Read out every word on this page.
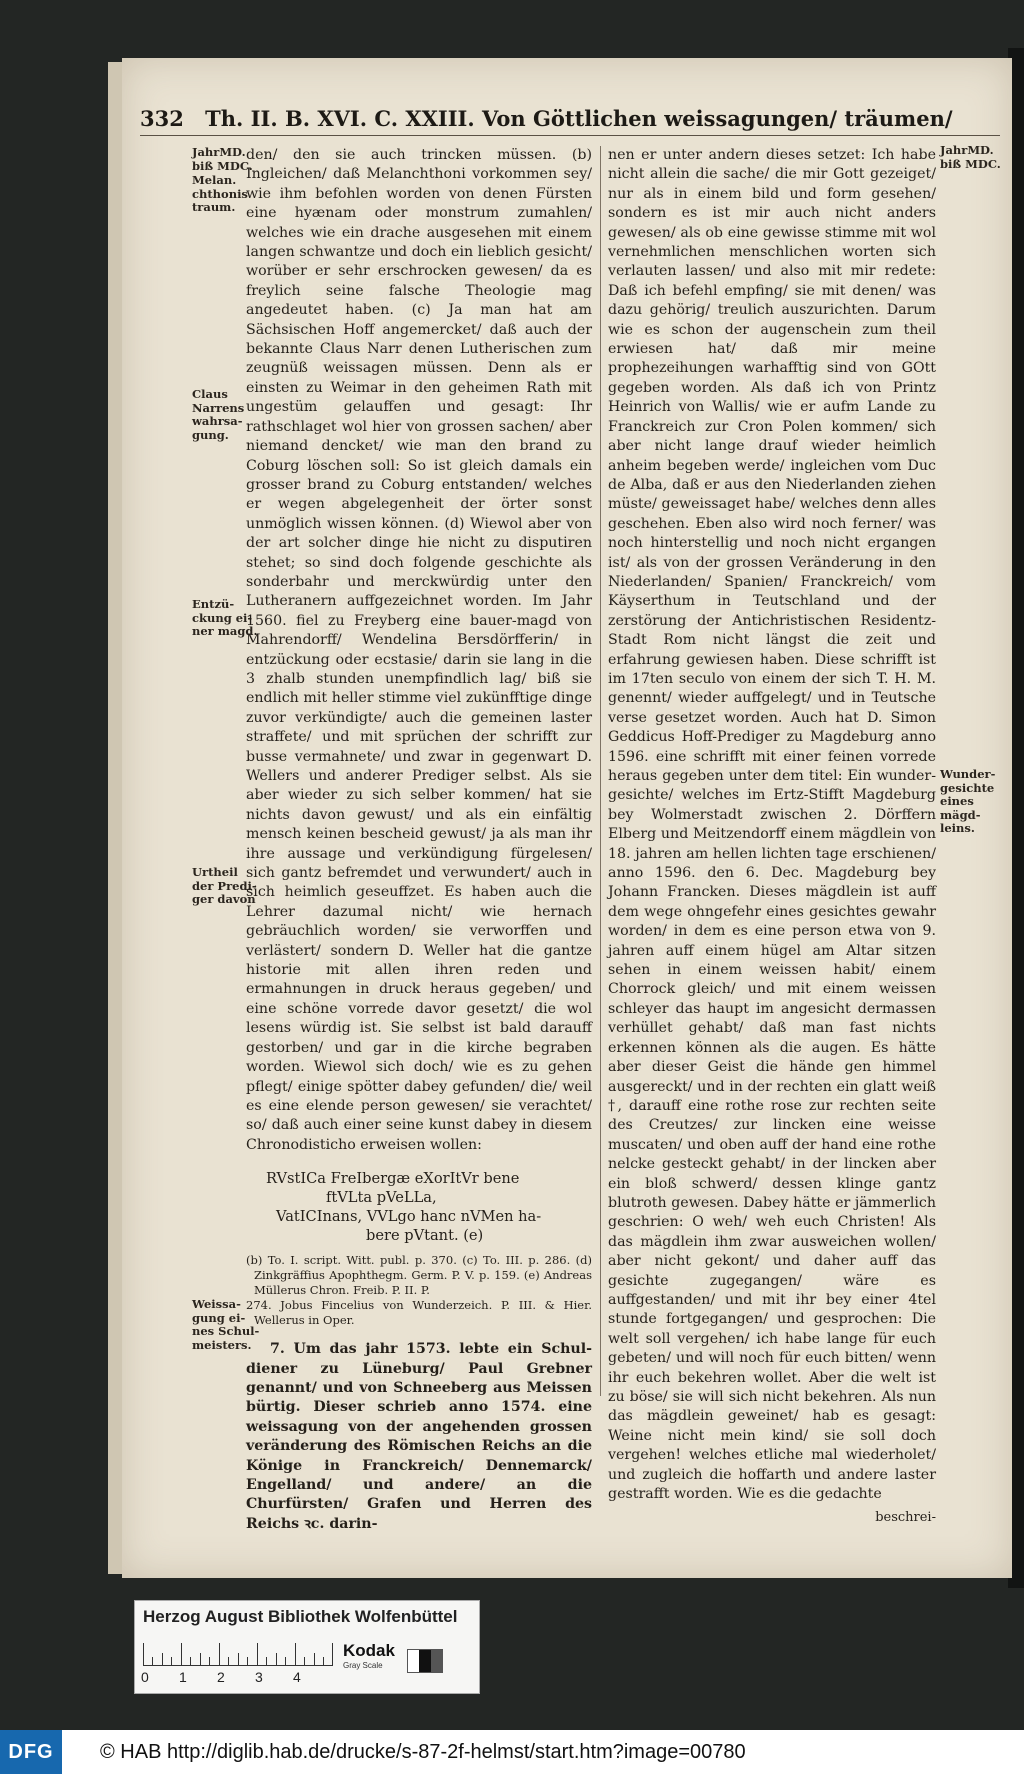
332 Th. II. B. XVI. C. XXIII. Von Göttlichen weissagungen/ träumen/
JahrMD. biß MDC.
Melan. chthonis traum.
Claus Narrens wahrsa-gung.
Entzü-ckung ei-ner magd.
Urtheil der Predi-ger davon
Weissa-gung ei-nes Schul-meisters.
JahrMD. biß MDC.
Wunder-gesichte eines mägd-leins.

den/ den sie auch trincken müssen. (b) Ingleichen/ daß Melanchthoni vorkommen sey/ wie ihm befohlen worden von denen Fürsten eine hyænam oder monstrum zumahlen/ welches wie ein drache ausgesehen mit einem langen schwantze und doch ein lieblich gesicht/ worüber er sehr erschrocken gewesen/ da es freylich seine falsche Theologie mag angedeutet haben. (c) Ja man hat am Sächsischen Hoff angemercket/ daß auch der bekannte Claus Narr denen Lutherischen zum zeugnüß weissagen müssen. Denn als er einsten zu Weimar in den geheimen Rath mit ungestüm gelauffen und gesagt: Ihr rathschlaget wol hier von grossen sachen/ aber niemand dencket/ wie man den brand zu Coburg löschen soll: So ist gleich damals ein grosser brand zu Coburg entstanden/ welches er wegen abgelegenheit der örter sonst unmöglich wissen können. (d) Wiewol aber von der art solcher dinge hie nicht zu disputiren stehet; so sind doch folgende geschichte als sonderbahr und merckwürdig unter den Lutheranern auffgezeichnet worden. Im Jahr 1560. fiel zu Freyberg eine bauer-magd von Mahrendorff/ Wendelina Bersdörfferin/ in entzückung oder ecstasie/ darin sie lang in die 3 zhalb stunden unempfindlich lag/ biß sie endlich mit heller stimme viel zukünfftige dinge zuvor verkündigte/ auch die gemeinen laster straffete/ und mit sprüchen der schrifft zur busse vermahnete/ und zwar in gegenwart D. Wellers und anderer Prediger selbst. Als sie aber wieder zu sich selber kommen/ hat sie nichts davon gewust/ und als ein einfältig mensch keinen bescheid gewust/ ja als man ihr ihre aussage und verkündigung fürgelesen/ sich gantz befremdet und verwundert/ auch in sich heimlich geseuffzet. Es haben auch die Lehrer dazumal nicht/ wie hernach gebräuchlich worden/ sie verworffen und verlästert/ sondern D. Weller hat die gantze historie mit allen ihren reden und ermahnungen in druck heraus gegeben/ und eine schöne vorrede davor gesetzt/ die wol lesens würdig ist. Sie selbst ist bald darauff gestorben/ und gar in die kirche begraben worden. Wiewol sich doch/ wie es zu gehen pflegt/ einige spötter dabey gefunden/ die/ weil es eine elende person gewesen/ sie verachtet/ so/ daß auch einer seine kunst dabey in diesem Chronodisticho erweisen wollen:

RVstICa FreIbergæ eXorItVr bene
ftVLta pVeLLa,
VatICInans, VVLgo hanc nVMen ha-
bere pVtant. (e)
(b) To. I. script. Witt. publ. p. 370. (c) To. III. p. 286. (d) Zinkgräffius Apophthegm. Germ. P. V. p. 159. (e) Andreas Müllerus Chron. Freib. P. II. P.
274. Jobus Fincelius von Wunderzeich. P. III. & Hier. Wellerus in Oper.

7. Um das jahr 1573. lebte ein Schul-diener zu Lüneburg/ Paul Grebner genannt/ und von Schneeberg aus Meissen bürtig. Dieser schrieb anno 1574. eine weissagung von der angehenden grossen veränderung des Römischen Reichs an die Könige in Franckreich/ Dennemarck/ Engelland/ und andere/ an die Churfürsten/ Grafen und Herren des Reichs ꝛc. darin-

nen er unter andern dieses setzet: Ich habe nicht allein die sache/ die mir Gott gezeiget/ nur als in einem bild und form gesehen/ sondern es ist mir auch nicht anders gewesen/ als ob eine gewisse stimme mit wol vernehmlichen menschlichen worten sich verlauten lassen/ und also mit mir redete: Daß ich befehl empfing/ sie mit denen/ was dazu gehörig/ treulich auszurichten. Darum wie es schon der augenschein zum theil erwiesen hat/ daß mir meine prophezeihungen warhafftig sind von GOtt gegeben worden. Als daß ich von Printz Heinrich von Wallis/ wie er aufm Lande zu Franckreich zur Cron Polen kommen/ sich aber nicht lange drauf wieder heimlich anheim begeben werde/ ingleichen vom Duc de Alba, daß er aus den Niederlanden ziehen müste/ geweissaget habe/ welches denn alles geschehen. Eben also wird noch ferner/ was noch hinterstellig und noch nicht ergangen ist/ als von der grossen Veränderung in den Niederlanden/ Spanien/ Franckreich/ vom Käyserthum in Teutschland und der zerstörung der Antichristischen Residentz-Stadt Rom nicht längst die zeit und erfahrung gewiesen haben. Diese schrifft ist im 17ten seculo von einem der sich T. H. M. genennt/ wieder auffgelegt/ und in Teutsche verse gesetzet worden. Auch hat D. Simon Geddicus Hoff-Prediger zu Magdeburg anno 1596. eine schrifft mit einer feinen vorrede heraus gegeben unter dem titel: Ein wunder-gesichte/ welches im Ertz-Stifft Magdeburg bey Wolmerstadt zwischen 2. Dörffern Elberg und Meitzendorff einem mägdlein von 18. jahren am hellen lichten tage erschienen/ anno 1596. den 6. Dec. Magdeburg bey Johann Francken. Dieses mägdlein ist auff dem wege ohngefehr eines gesichtes gewahr worden/ in dem es eine person etwa von 9. jahren auff einem hügel am Altar sitzen sehen in einem weissen habit/ einem Chorrock gleich/ und mit einem weissen schleyer das haupt im angesicht dermassen verhüllet gehabt/ daß man fast nichts erkennen können als die augen. Es hätte aber dieser Geist die hände gen himmel ausgereckt/ und in der rechten ein glatt weiß †, darauff eine rothe rose zur rechten seite des Creutzes/ zur lincken eine weisse muscaten/ und oben auff der hand eine rothe nelcke gesteckt gehabt/ in der lincken aber ein bloß schwerd/ dessen klinge gantz blutroth gewesen. Dabey hätte er jämmerlich geschrien: O weh/ weh euch Christen! Als das mägdlein ihm zwar ausweichen wollen/ aber nicht gekont/ und daher auff das gesichte zugegangen/ wäre es auffgestanden/ und mit ihr bey einer 4tel stunde fortgegangen/ und gesprochen: Die welt soll vergehen/ ich habe lange für euch gebeten/ und will noch für euch bitten/ wenn ihr euch bekehren wollet. Aber die welt ist zu böse/ sie will sich nicht bekehren. Als nun das mägdlein geweinet/ hab es gesagt: Weine nicht mein kind/ sie soll doch vergehen! welches etliche mal wiederholet/ und zugleich die hoffarth und andere laster gestrafft worden. Wie es die gedachte

beschrei-
Herzog August Bibliothek Wolfenbüttel
0 1 2 3 4
Kodak
Gray Scale
DFG	© HAB http://diglib.hab.de/drucke/s-87-2f-helmst/start.htm?image=00780
